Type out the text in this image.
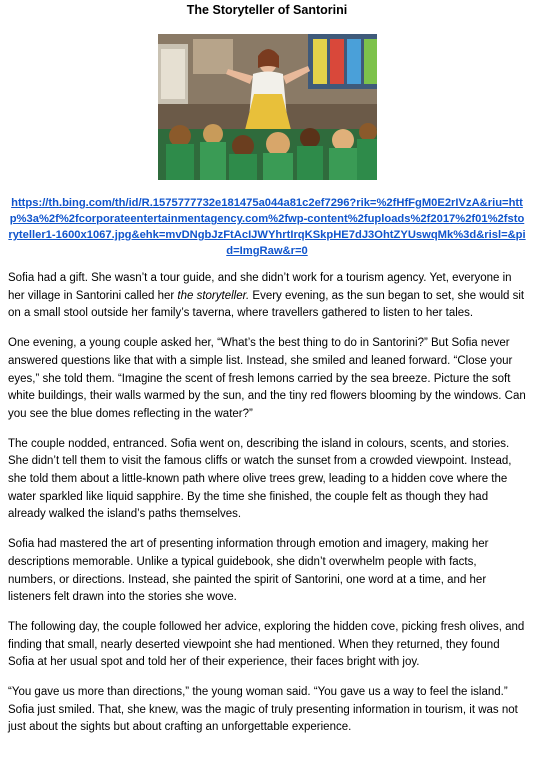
The Storyteller of Santorini
https://th.bing.com/th/id/R.1575777732e181475a044a81c2ef7296?rik=%2fHfFgM0E2rIVzA&riu=http%3a%2f%2fcorporateentertainmentagency.com%2fwp-content%2fuploads%2f2017%2f01%2fstoryteller1-1600x1067.jpg&ehk=mvDNgbJzFtAcIJWYhrtIrqKSkpHE7dJ3OhtZYUswqMk%3d&risl=&pid=ImgRaw&r=0

Sofia had a gift. She wasn’t a tour guide, and she didn’t work for a tourism agency. Yet, everyone in her village in Santorini called her the storyteller. Every evening, as the sun began to set, she would sit on a small stool outside her family’s taverna, where travellers gathered to listen to her tales.

One evening, a young couple asked her, “What’s the best thing to do in Santorini?” But Sofia never answered questions like that with a simple list. Instead, she smiled and leaned forward. “Close your eyes,” she told them. “Imagine the scent of fresh lemons carried by the sea breeze. Picture the soft white buildings, their walls warmed by the sun, and the tiny red flowers blooming by the windows. Can you see the blue domes reflecting in the water?”

The couple nodded, entranced. Sofia went on, describing the island in colours, scents, and stories. She didn’t tell them to visit the famous cliffs or watch the sunset from a crowded viewpoint. Instead, she told them about a little-known path where olive trees grew, leading to a hidden cove where the water sparkled like liquid sapphire. By the time she finished, the couple felt as though they had already walked the island’s paths themselves.

Sofia had mastered the art of presenting information through emotion and imagery, making her descriptions memorable. Unlike a typical guidebook, she didn’t overwhelm people with facts, numbers, or directions. Instead, she painted the spirit of Santorini, one word at a time, and her listeners felt drawn into the stories she wove.

The following day, the couple followed her advice, exploring the hidden cove, picking fresh olives, and finding that small, nearly deserted viewpoint she had mentioned. When they returned, they found Sofia at her usual spot and told her of their experience, their faces bright with joy.

“You gave us more than directions,” the young woman said. “You gave us a way to feel the island.” Sofia just smiled. That, she knew, was the magic of truly presenting information in tourism, it was not just about the sights but about crafting an unforgettable experience.
